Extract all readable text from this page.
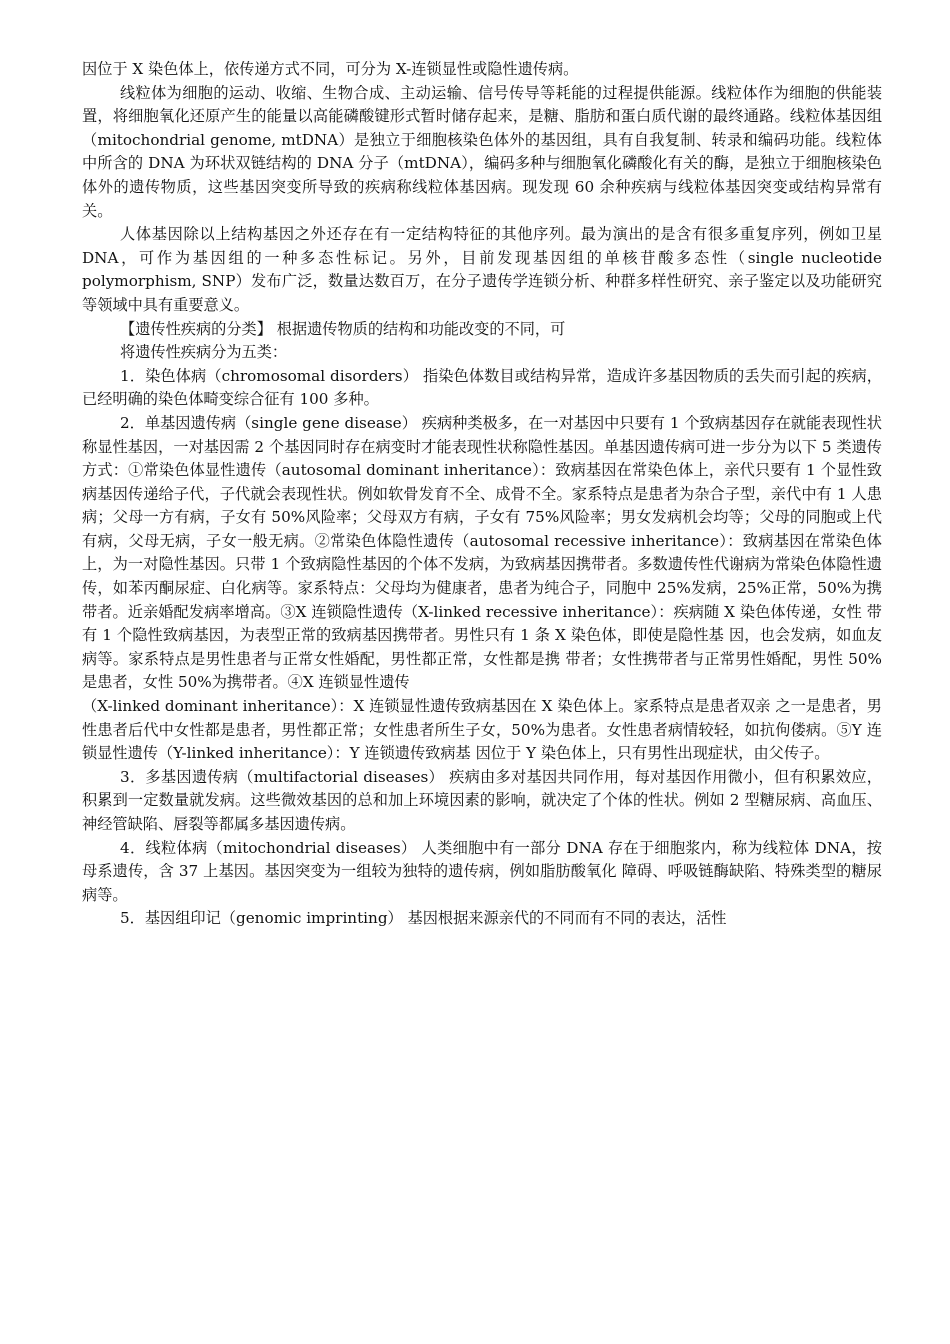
因位于 X 染色体上，依传递方式不同，可分为 X-连锁显性或隐性遗传病。

线粒体为细胞的运动、收缩、生物合成、主动运输、信号传导等耗能的过程提供能源。线粒体作为细胞的供能装置，将细胞氧化还原产生的能量以高能磷酸键形式暂时储存起来，是糖、脂肪和蛋白质代谢的最终通路。线粒体基因组（mitochondrial genome, mtDNA）是独立于细胞核染色体外的基因组，具有自我复制、转录和编码功能。线粒体中所含的 DNA 为环状双链结构的 DNA 分子（mtDNA），编码多种与细胞氧化磷酸化有关的酶，是独立于细胞核染色体外的遗传物质，这些基因突变所导致的疾病称线粒体基因病。现发现 60 余种疾病与线粒体基因突变或结构异常有关。

人体基因除以上结构基因之外还存在有一定结构特征的其他序列。最为演出的是含有很多重复序列，例如卫星 DNA，可作为基因组的一种多态性标记。另外，目前发现基因组的单核苷酸多态性（single nucleotide polymorphism, SNP）发布广泛，数量达数百万，在分子遗传学连锁分析、种群多样性研究、亲子鉴定以及功能研究等领域中具有重要意义。

【遗传性疾病的分类】 根据遗传物质的结构和功能改变的不同，可

将遗传性疾病分为五类：

1．染色体病（chromosomal disorders） 指染色体数目或结构异常，造成许多基因物质的丢失而引起的疾病，已经明确的染色体畸变综合征有 100 多种。

2．单基因遗传病（single gene disease） 疾病种类极多，在一对基因中只要有 1 个致病基因存在就能表现性状称显性基因，一对基因需 2 个基因同时存在病变时才能表现性状称隐性基因。单基因遗传病可进一步分为以下 5 类遗传方式：①常染色体显性遗传（autosomal dominant inheritance）：致病基因在常染色体上，亲代只要有 1 个显性致病基因传递给子代，子代就会表现性状。例如软骨发育不全、成骨不全。家系特点是患者为杂合子型，亲代中有 1 人患病；父母一方有病，子女有 50%风险率；父母双方有病，子女有 75%风险率；男女发病机会均等；父母的同胞或上代有病，父母无病，子女一般无病。②常染色体隐性遗传（autosomal recessive inheritance）：致病基因在常染色体上，为一对隐性基因。只带 1 个致病隐性基因的个体不发病，为致病基因携带者。多数遗传性代谢病为常染色体隐性遗传，如苯丙酮尿症、白化病等。家系特点：父母均为健康者，患者为纯合子，同胞中 25%发病，25%正常，50%为携带者。近亲婚配发病率增高。③X 连锁隐性遗传（X-linked recessive inheritance）：疾病随 X 染色体传递，女性 带有 1 个隐性致病基因，为表型正常的致病基因携带者。男性只有 1 条 X 染色体，即使是隐性基 因，也会发病，如血友病等。家系特点是男性患者与正常女性婚配，男性都正常，女性都是携 带者；女性携带者与正常男性婚配，男性 50%是患者，女性 50%为携带者。④X 连锁显性遗传

（X-linked dominant inheritance）：X 连锁显性遗传致病基因在 X 染色体上。家系特点是患者双亲 之一是患者，男性患者后代中女性都是患者，男性都正常；女性患者所生子女，50%为患者。女性患者病情较轻，如抗佝偻病。⑤Y 连锁显性遗传（Y-linked inheritance）：Y 连锁遗传致病基 因位于 Y 染色体上，只有男性出现症状，由父传子。

3．多基因遗传病（multifactorial diseases） 疾病由多对基因共同作用，每对基因作用微小，但有积累效应，积累到一定数量就发病。这些微效基因的总和加上环境因素的影响，就决定了个体的性状。例如 2 型糖尿病、高血压、神经管缺陷、唇裂等都属多基因遗传病。

4．线粒体病（mitochondrial diseases） 人类细胞中有一部分 DNA 存在于细胞浆内，称为线粒体 DNA，按母系遗传，含 37 上基因。基因突变为一组较为独特的遗传病，例如脂肪酸氧化 障碍、呼吸链酶缺陷、特殊类型的糖尿病等。

5．基因组印记（genomic imprinting） 基因根据来源亲代的不同而有不同的表达，活性
